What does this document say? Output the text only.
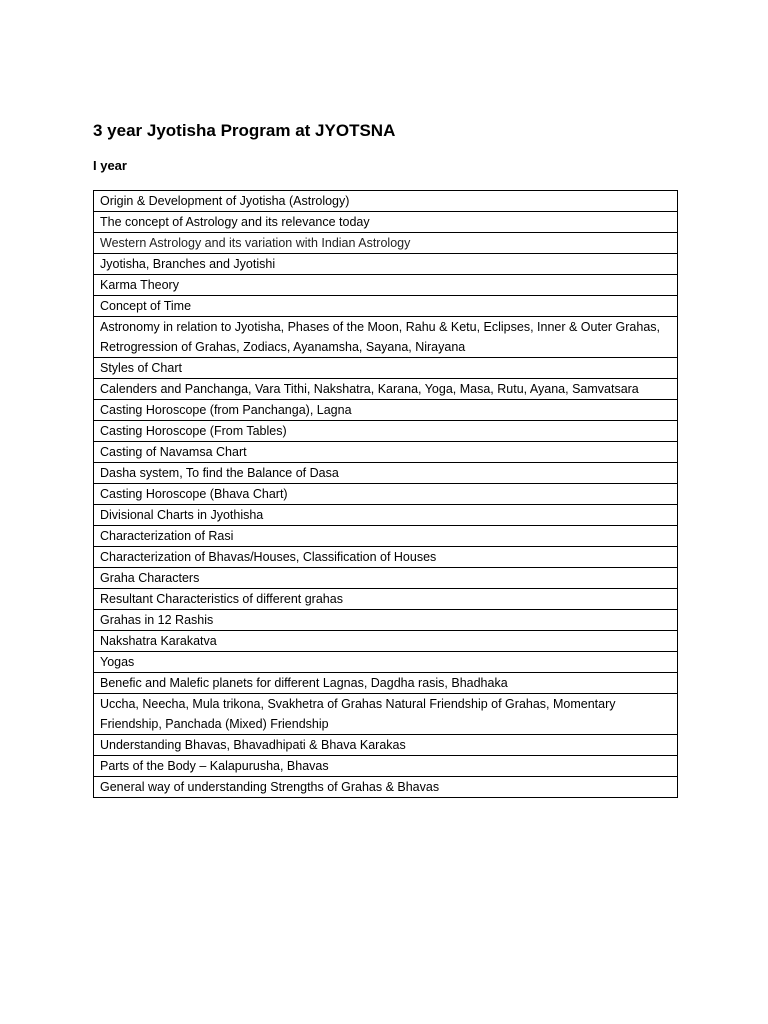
3 year Jyotisha Program at JYOTSNA
I year
Origin & Development of Jyotisha (Astrology)
The concept of Astrology and its relevance today
Western Astrology and its variation with Indian Astrology
Jyotisha, Branches and Jyotishi
Karma Theory
Concept of Time
Astronomy in relation to Jyotisha, Phases of the Moon, Rahu & Ketu, Eclipses, Inner & Outer Grahas, Retrogression of Grahas, Zodiacs, Ayanamsha, Sayana, Nirayana
Styles of Chart
Calenders and Panchanga, Vara Tithi, Nakshatra, Karana, Yoga, Masa, Rutu, Ayana, Samvatsara
Casting Horoscope (from Panchanga), Lagna
Casting Horoscope (From Tables)
Casting of Navamsa Chart
Dasha system, To find the Balance of Dasa
Casting Horoscope (Bhava Chart)
Divisional Charts in Jyothisha
Characterization of Rasi
Characterization of Bhavas/Houses, Classification of Houses
Graha Characters
Resultant Characteristics of different grahas
Grahas in 12 Rashis
Nakshatra Karakatva
Yogas
Benefic and Malefic planets for different Lagnas, Dagdha rasis, Bhadhaka
Uccha, Neecha, Mula trikona, Svakhetra of Grahas Natural Friendship of Grahas, Momentary Friendship, Panchada (Mixed) Friendship
Understanding Bhavas, Bhavadhipati & Bhava Karakas
Parts of the Body – Kalapurusha, Bhavas
General way of understanding Strengths of Grahas & Bhavas
